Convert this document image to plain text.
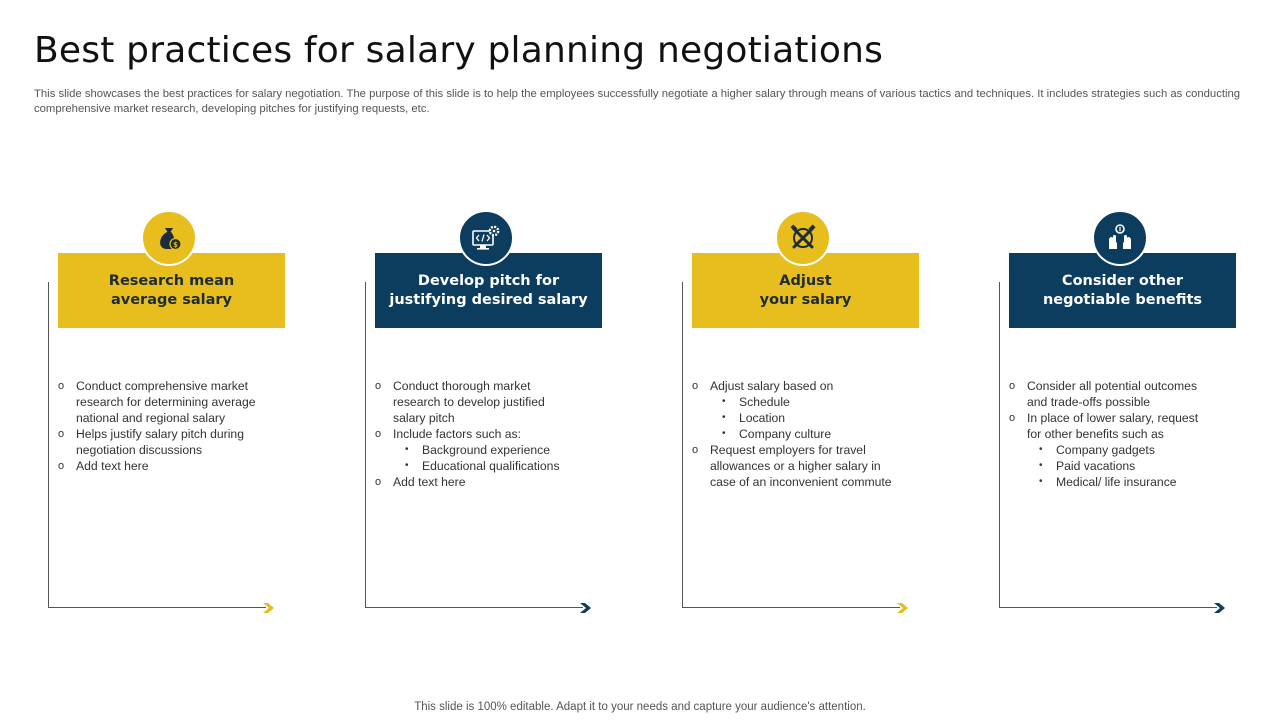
Best practices for salary planning negotiations
This slide showcases the best practices for salary negotiation. The purpose of this slide is to help the employees successfully negotiate a higher salary through means of various tactics and techniques. It includes strategies such as conducting comprehensive market research, developing pitches for justifying requests, etc.
Research mean
average salary
$
o Conduct comprehensive market research for determining average national and regional salary
o Helps justify salary pitch during negotiation discussions
o Add text here
Develop pitch for
justifying desired salary
o Conduct thorough market research to develop justified salary pitch
o Include factors such as:
• Background experience
• Educational qualifications
o Add text here
Adjust
your salary
o Adjust salary based on
• Schedule
• Location
• Company culture
o Request employers for travel allowances or a higher salary in case of an inconvenient commute
Consider other
negotiable benefits
o Consider all potential outcomes and trade-offs possible
o In place of lower salary, request for other benefits such as
• Company gadgets
• Paid vacations
• Medical/ life insurance
This slide is 100% editable. Adapt it to your needs and capture your audience's attention.
